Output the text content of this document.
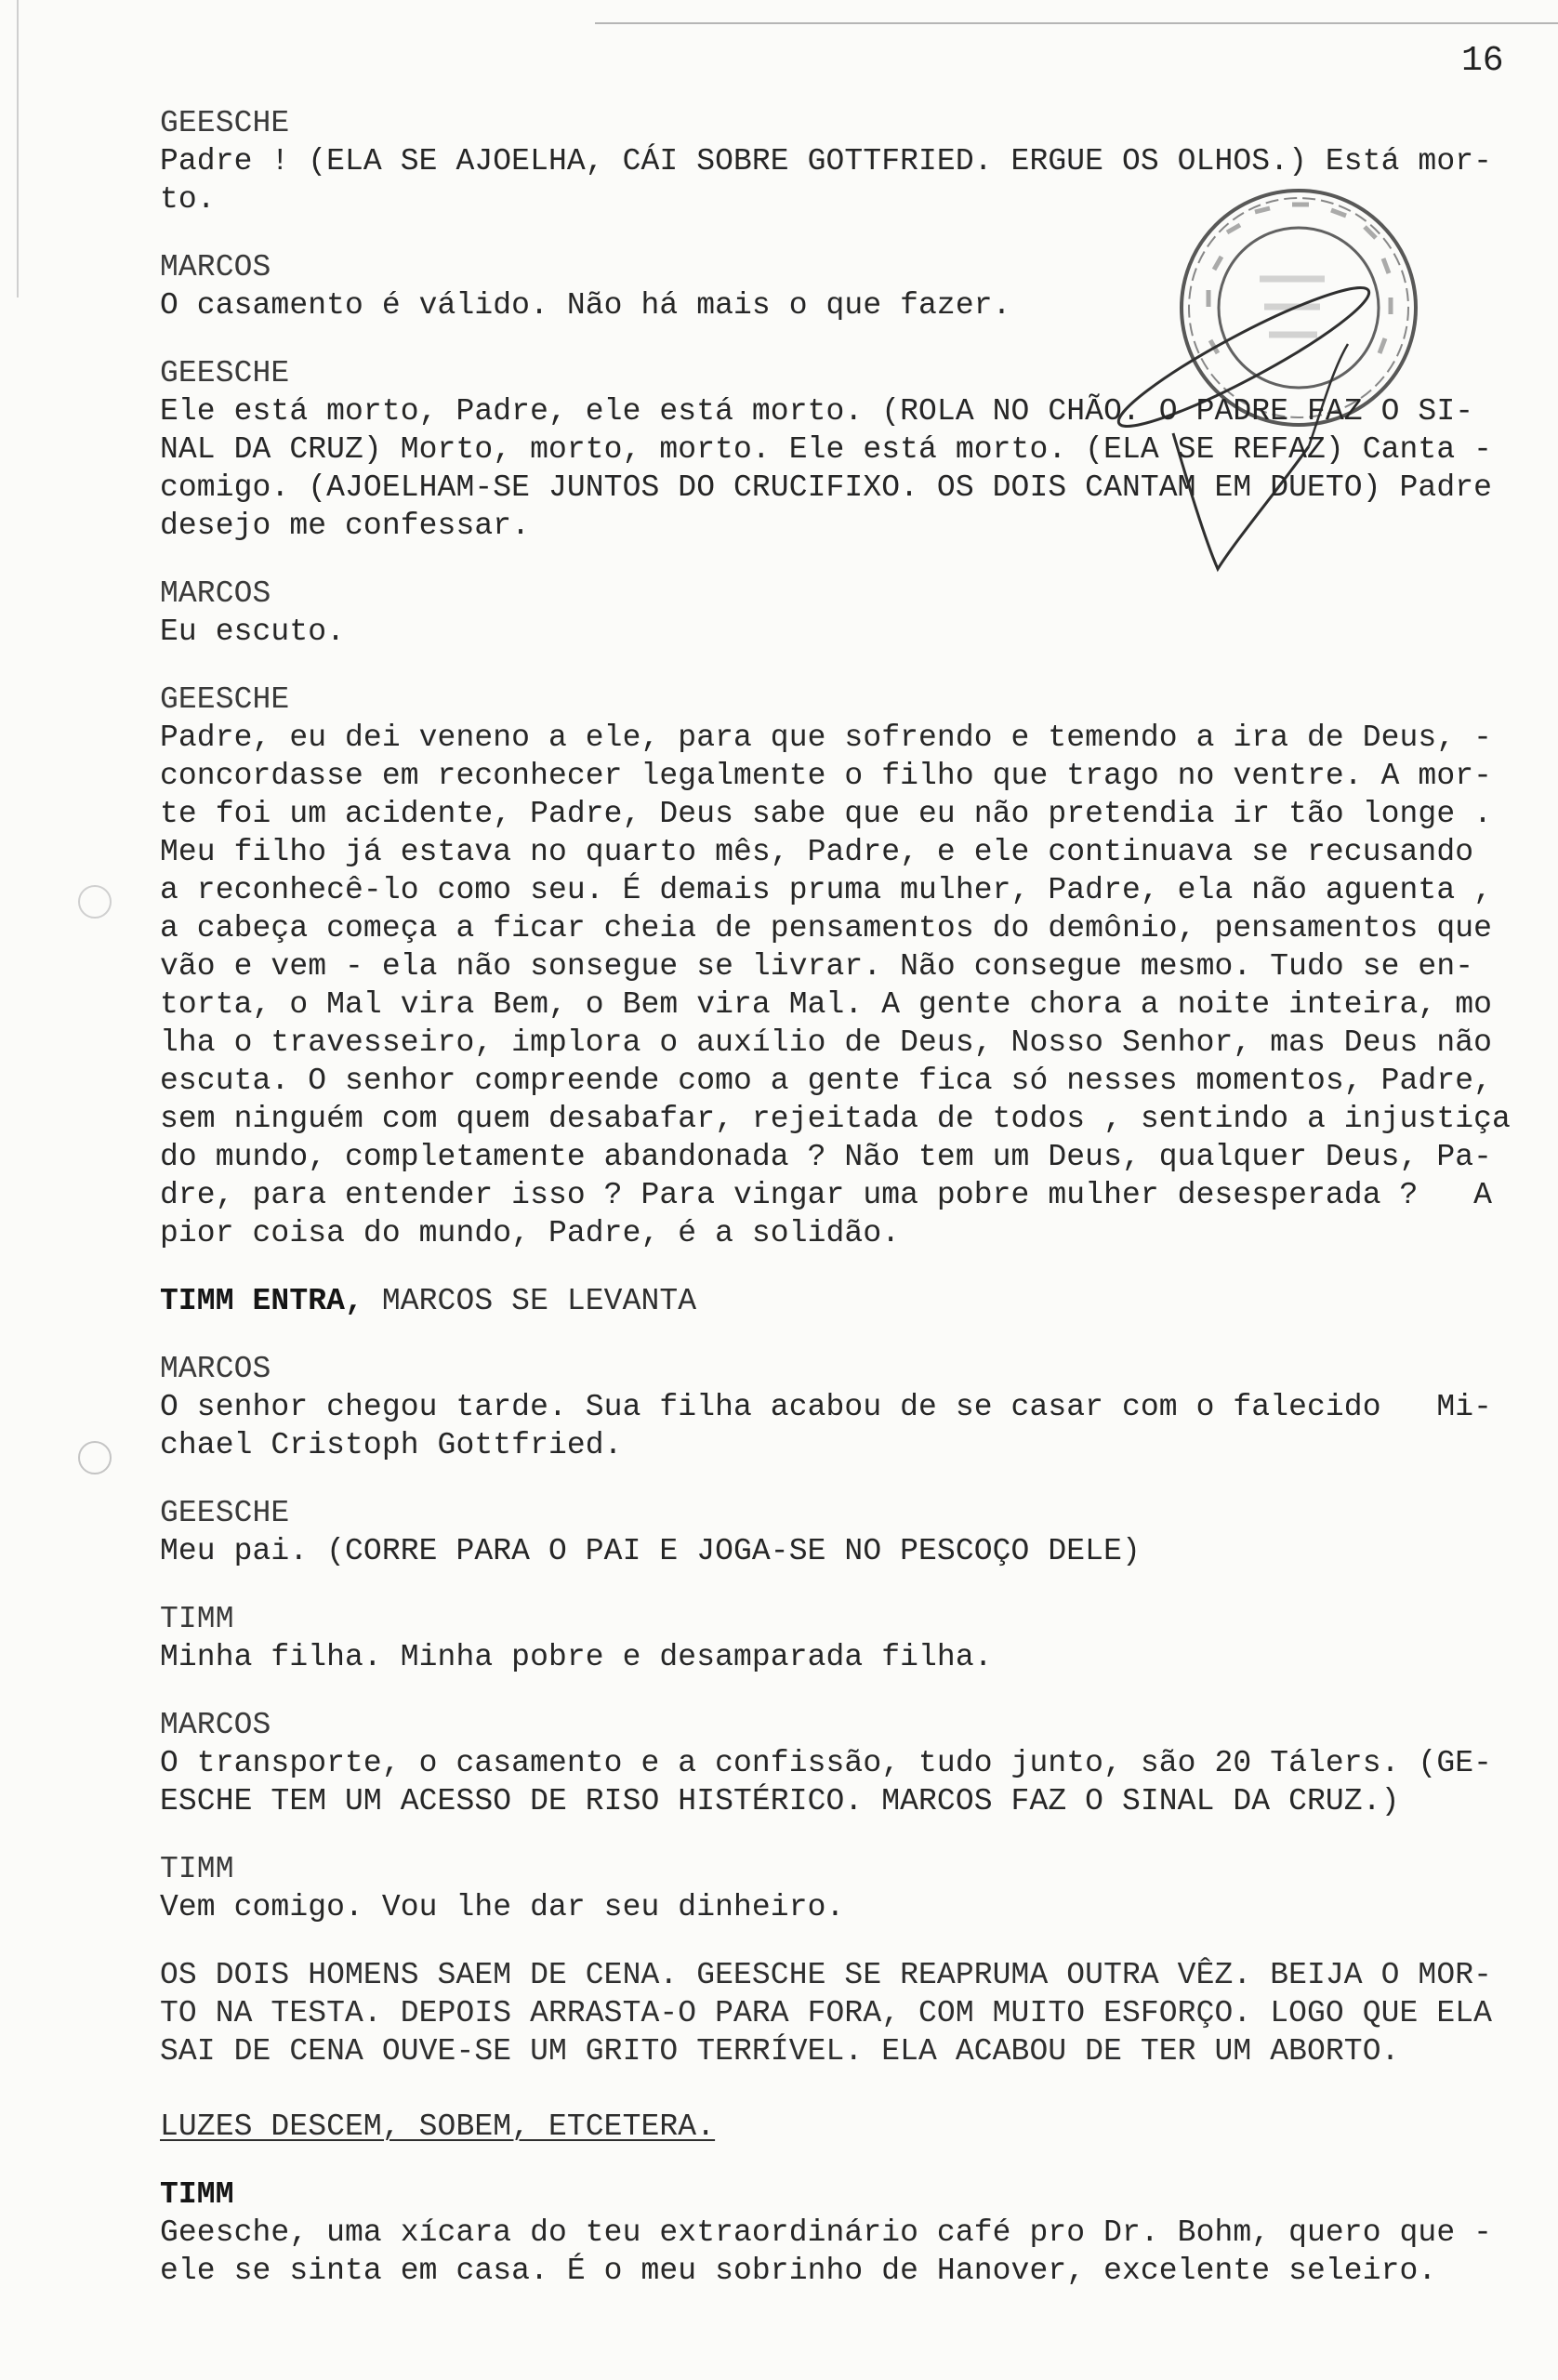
16
GEESCHE
Padre ! (ELA SE AJOELHA, CÁI SOBRE GOTTFRIED. ERGUE OS OLHOS.) Está mor-
to.
MARCOS
O casamento é válido. Não há mais o que fazer.
GEESCHE
Ele está morto, Padre, ele está morto. (ROLA NO CHÃO. O PADRE FAZ O SI-
NAL DA CRUZ) Morto, morto, morto. Ele está morto. (ELA SE REFAZ) Canta -
comigo. (AJOELHAM-SE JUNTOS DO CRUCIFIXO. OS DOIS CANTAM EM DUETO) Padre
desejo me confessar.
MARCOS
Eu escuto.
GEESCHE
Padre, eu dei veneno a ele, para que sofrendo e temendo a ira de Deus, -
concordasse em reconhecer legalmente o filho que trago no ventre. A mor-
te foi um acidente, Padre, Deus sabe que eu não pretendia ir tão longe .
Meu filho já estava no quarto mês, Padre, e ele continuava se recusando
a reconhecê-lo como seu. É demais pruma mulher, Padre, ela não aguenta ,
a cabeça começa a ficar cheia de pensamentos do demônio, pensamentos que
vão e vem - ela não sonsegue se livrar. Não consegue mesmo. Tudo se en-
torta, o Mal vira Bem, o Bem vira Mal. A gente chora a noite inteira, mo
lha o travesseiro, implora o auxílio de Deus, Nosso Senhor, mas Deus não
escuta. O senhor compreende como a gente fica só nesses momentos, Padre,
sem ninguém com quem desabafar, rejeitada de todos , sentindo a injustiça
do mundo, completamente abandonada ? Não tem um Deus, qualquer Deus, Pa-
dre, para entender isso ? Para vingar uma pobre mulher desesperada ?   A
pior coisa do mundo, Padre, é a solidão.
TIMM ENTRA, MARCOS SE LEVANTA
MARCOS
O senhor chegou tarde. Sua filha acabou de se casar com o falecido   Mi-
chael Cristoph Gottfried.
GEESCHE
Meu pai. (CORRE PARA O PAI E JOGA-SE NO PESCOÇO DELE)
TIMM
Minha filha. Minha pobre e desamparada filha.
MARCOS
O transporte, o casamento e a confissão, tudo junto, são 20 Tálers. (GE-
ESCHE TEM UM ACESSO DE RISO HISTÉRICO. MARCOS FAZ O SINAL DA CRUZ.)
TIMM
Vem comigo. Vou lhe dar seu dinheiro.
OS DOIS HOMENS SAEM DE CENA. GEESCHE SE REAPRUMA OUTRA VÊZ. BEIJA O MOR-
TO NA TESTA. DEPOIS ARRASTA-O PARA FORA, COM MUITO ESFORÇO. LOGO QUE ELA
SAI DE CENA OUVE-SE UM GRITO TERRÍVEL. ELA ACABOU DE TER UM ABORTO.
LUZES DESCEM, SOBEM, ETCETERA.
TIMM
Geesche, uma xícara do teu extraordinário café pro Dr. Bohm, quero que -
ele se sinta em casa. É o meu sobrinho de Hanover, excelente seleiro.
